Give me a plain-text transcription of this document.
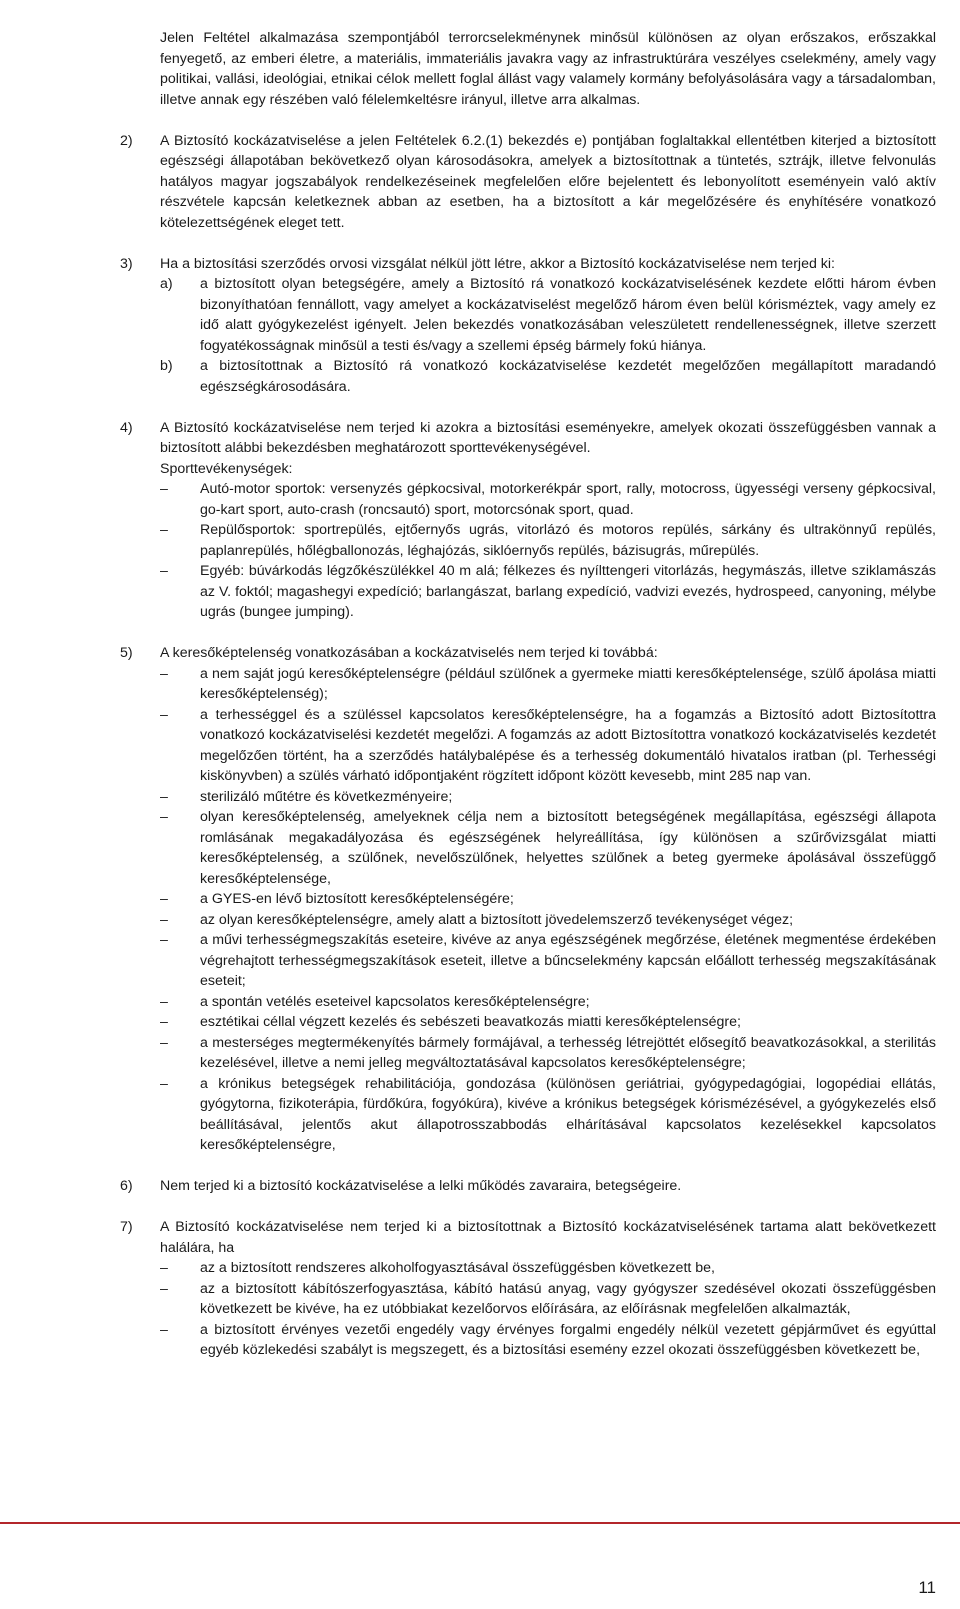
Jelen Feltétel alkalmazása szempontjából terrorcselekménynek minősül különösen az olyan erőszakos, erőszakkal fenyegető, az emberi életre, a materiális, immateriális javakra vagy az infrastruktúrára veszélyes cselekmény, amely vagy politikai, vallási, ideológiai, etnikai célok mellett foglal állást vagy valamely kormány befolyásolására vagy a társadalomban, illetve annak egy részében való félelemkeltésre irányul, illetve arra alkalmas.

2)	A Biztosító kockázatviselése a jelen Feltételek 6.2.(1) bekezdés e) pontjában foglaltakkal ellentétben kiterjed a biztosított egészségi állapotában bekövetkező olyan károsodásokra, amelyek a biztosítottnak a tüntetés, sztrájk, illetve felvonulás hatályos magyar jogszabályok rendelkezéseinek megfelelően előre bejelentett és lebonyolított eseményein való aktív részvétele kapcsán keletkeznek abban az esetben, ha a biztosított a kár megelőzésére és enyhítésére vonatkozó kötelezettségének eleget tett.
3)	Ha a biztosítási szerződés orvosi vizsgálat nélkül jött létre, akkor a Biztosító kockázatviselése nem terjed ki:
a)	a biztosított olyan betegségére, amely a Biztosító rá vonatkozó kockázatviselésének kezdete előtti három évben bizonyíthatóan fennállott, vagy amelyet a kockázatviselést megelőző három éven belül kórisméztek, vagy amely ez idő alatt gyógykezelést igényelt. Jelen bekezdés vonatkozásában veleszületett rendellenességnek, illetve szerzett fogyatékosságnak minősül a testi és/vagy a szellemi épség bármely fokú hiánya.
b)	a biztosítottnak a Biztosító rá vonatkozó kockázatviselése kezdetét megelőzően megállapított maradandó egészségkárosodására.
4)	A Biztosító kockázatviselése nem terjed ki azokra a biztosítási eseményekre, amelyek okozati összefüggésben vannak a biztosított alábbi bekezdésben meghatározott sporttevékenységével.
Sporttevékenységek:
–	Autó-motor sportok: versenyzés gépkocsival, motorkerékpár sport, rally, motocross, ügyességi verseny gépkocsival, go-kart sport, auto-crash (roncsautó) sport, motorcsónak sport, quad.
–	Repülősportok: sportrepülés, ejtőernyős ugrás, vitorlázó és motoros repülés, sárkány és ultrakönnyű repülés, paplanrepülés, hőlégballonozás, léghajózás, siklóernyős repülés, bázisugrás, műrepülés.
–	Egyéb: búvárkodás légzőkészülékkel 40 m alá; félkezes és nyílttengeri vitorlázás, hegymászás, illetve sziklamászás az V. foktól; magashegyi expedíció; barlangászat, barlang expedíció, vadvizi evezés, hydrospeed, canyoning, mélybe ugrás (bungee jumping).
5)	A keresőképtelenség vonatkozásában a kockázatviselés nem terjed ki továbbá:
–	a nem saját jogú keresőképtelenségre (például szülőnek a gyermeke miatti keresőképtelensége, szülő ápolása miatti keresőképtelenség);
–	a terhességgel és a szüléssel kapcsolatos keresőképtelenségre, ha a fogamzás a Biztosító adott Biztosítottra vonatkozó kockázatviselési kezdetét megelőzi. A fogamzás az adott Biztosítottra vonatkozó kockázatviselés kezdetét megelőzően történt, ha a szerződés hatálybalépése és a terhesség dokumentáló hivatalos iratban (pl. Terhességi kiskönyvben) a szülés várható időpontjaként rögzített időpont között kevesebb, mint 285 nap van.
–	sterilizáló műtétre és következményeire;
–	olyan keresőképtelenség, amelyeknek célja nem a biztosított betegségének megállapítása, egészségi állapota romlásának megakadályozása és egészségének helyreállítása, így különösen a szűrővizsgálat miatti keresőképtelenség, a szülőnek, nevelőszülőnek, helyettes szülőnek a beteg gyermeke ápolásával összefüggő keresőképtelensége,
–	a GYES-en lévő biztosított keresőképtelenségére;
–	az olyan keresőképtelenségre, amely alatt a biztosított jövedelemszerző tevékenységet végez;
–	a művi terhességmegszakítás eseteire, kivéve az anya egészségének megőrzése, életének megmentése érdekében végrehajtott terhességmegszakítások eseteit, illetve a bűncselekmény kapcsán előállott terhesség megszakításának eseteit;
–	a spontán vetélés eseteivel kapcsolatos keresőképtelenségre;
–	esztétikai céllal végzett kezelés és sebészeti beavatkozás miatti keresőképtelenségre;
–	a mesterséges megtermékenyítés bármely formájával, a terhesség létrejöttét elősegítő beavatkozásokkal, a sterilitás kezelésével, illetve a nemi jelleg megváltoztatásával kapcsolatos keresőképtelenségre;
–	a krónikus betegségek rehabilitációja, gondozása (különösen geriátriai, gyógypedagógiai, logopédiai ellátás, gyógytorna, fizikoterápia, fürdőkúra, fogyókúra), kivéve a krónikus betegségek kórismézésével, a gyógykezelés első beállításával, jelentős akut állapotrosszabbodás elhárításával kapcsolatos kezelésekkel kapcsolatos keresőképtelenségre,
6)	Nem terjed ki a biztosító kockázatviselése a lelki működés zavaraira, betegségeire.
7)	A Biztosító kockázatviselése nem terjed ki a biztosítottnak a Biztosító kockázatviselésének tartama alatt bekövetkezett halálára, ha
–	az a biztosított rendszeres alkoholfogyasztásával összefüggésben következett be,
–	az a biztosított kábítószerfogyasztása, kábító hatású anyag, vagy gyógyszer szedésével okozati összefüggésben következett be kivéve, ha ez utóbbiakat kezelőorvos előírására, az előírásnak megfelelően alkalmazták,
–	a biztosított érvényes vezetői engedély vagy érvényes forgalmi engedély nélkül vezetett gépjárművet és egyúttal egyéb közlekedési szabályt is megszegett, és a biztosítási esemény ezzel okozati összefüggésben következett be,
11
